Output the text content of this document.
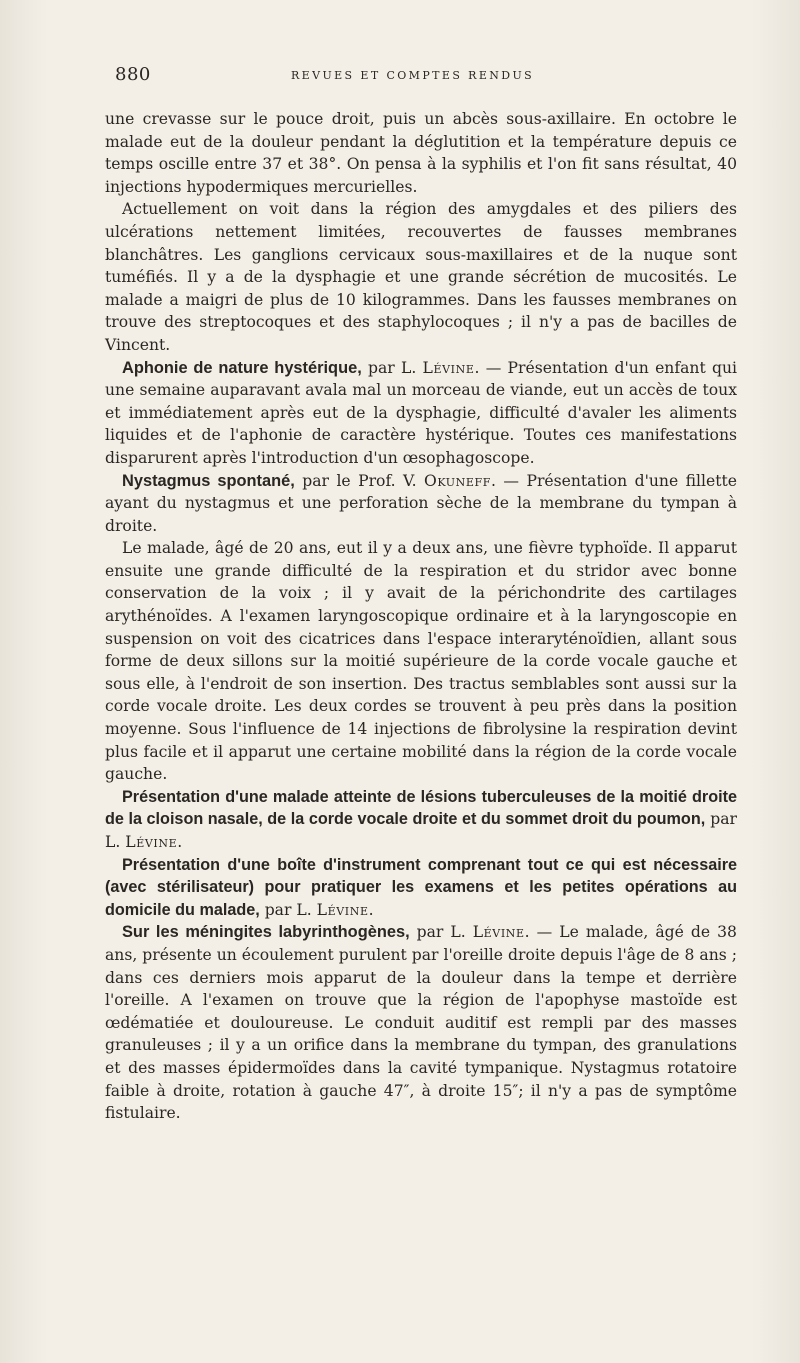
880	REVUES ET COMPTES RENDUS

une crevasse sur le pouce droit, puis un abcès sous-axillaire. En octobre le malade eut de la douleur pendant la déglutition et la température depuis ce temps oscille entre 37 et 38°. On pensa à la syphilis et l'on fit sans résultat, 40 injections hypodermiques mercurielles.

Actuellement on voit dans la région des amygdales et des piliers des ulcérations nettement limitées, recouvertes de fausses membranes blanchâtres. Les ganglions cervicaux sous-maxillaires et de la nuque sont tuméfiés. Il y a de la dysphagie et une grande sécrétion de mucosités. Le malade a maigri de plus de 10 kilogrammes. Dans les fausses membranes on trouve des streptocoques et des staphylocoques ; il n'y a pas de bacilles de Vincent.

Aphonie de nature hystérique, par L. Lévine. — Présentation d'un enfant qui une semaine auparavant avala mal un morceau de viande, eut un accès de toux et immédiatement après eut de la dysphagie, difficulté d'avaler les aliments liquides et de l'aphonie de caractère hystérique. Toutes ces manifestations disparurent après l'introduction d'un œsophagoscope.

Nystagmus spontané, par le Prof. V. Okuneff. — Présentation d'une fillette ayant du nystagmus et une perforation sèche de la membrane du tympan à droite.

Le malade, âgé de 20 ans, eut il y a deux ans, une fièvre typhoïde. Il apparut ensuite une grande difficulté de la respiration et du stridor avec bonne conservation de la voix ; il y avait de la périchondrite des cartilages arythénoïdes. A l'examen laryngoscopique ordinaire et à la laryngoscopie en suspension on voit des cicatrices dans l'espace interaryténoïdien, allant sous forme de deux sillons sur la moitié supérieure de la corde vocale gauche et sous elle, à l'endroit de son insertion. Des tractus semblables sont aussi sur la corde vocale droite. Les deux cordes se trouvent à peu près dans la position moyenne. Sous l'influence de 14 injections de fibrolysine la respiration devint plus facile et il apparut une certaine mobilité dans la région de la corde vocale gauche.

Présentation d'une malade atteinte de lésions tuberculeuses de la moitié droite de la cloison nasale, de la corde vocale droite et du sommet droit du poumon, par L. Lévine.

Présentation d'une boîte d'instrument comprenant tout ce qui est nécessaire (avec stérilisateur) pour pratiquer les examens et les petites opérations au domicile du malade, par L. Lévine.

Sur les méningites labyrinthogènes, par L. Lévine. — Le malade, âgé de 38 ans, présente un écoulement purulent par l'oreille droite depuis l'âge de 8 ans ; dans ces derniers mois apparut de la douleur dans la tempe et derrière l'oreille. A l'examen on trouve que la région de l'apophyse mastoïde est œdématiée et douloureuse. Le conduit auditif est rempli par des masses granuleuses ; il y a un orifice dans la membrane du tympan, des granulations et des masses épidermoïdes dans la cavité tympanique. Nystagmus rotatoire faible à droite, rotation à gauche 47″, à droite 15″; il n'y a pas de symptôme fistulaire.
